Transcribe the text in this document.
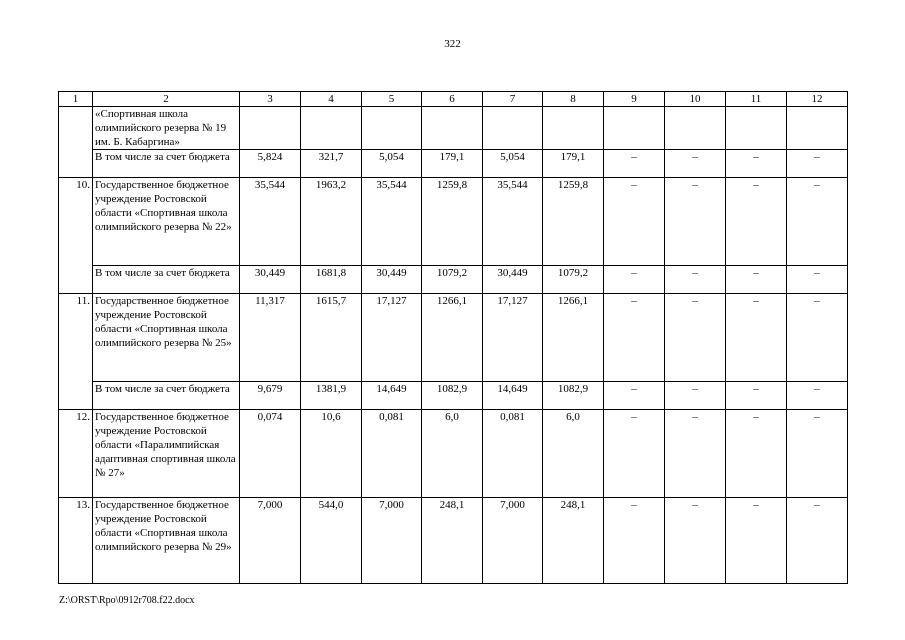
322
1	2	3	4	5	6	7	8	9	10	11	12
	«Спортивная школа олимпийского резерва № 19 им. Б. Кабаргина»										
	В том числе за счет бюджета	5,824	321,7	5,054	179,1	5,054	179,1	–	–	–	–
10.	Государственное бюджетное учреждение Ростовской области «Спортивная школа олимпийского резерва № 22»	35,544	1963,2	35,544	1259,8	35,544	1259,8	–	–	–	–
	В том числе за счет бюджета	30,449	1681,8	30,449	1079,2	30,449	1079,2	–	–	–	–
11.	Государственное бюджетное учреждение Ростовской области «Спортивная школа олимпийского резерва № 25»	11,317	1615,7	17,127	1266,1	17,127	1266,1	–	–	–	–
	В том числе за счет бюджета	9,679	1381,9	14,649	1082,9	14,649	1082,9	–	–	–	–
12.	Государственное бюджетное учреждение Ростовской области «Паралимпийская адаптивная спортивная школа № 27»	0,074	10,6	0,081	6,0	0,081	6,0	–	–	–	–
13.	Государственное бюджетное учреждение Ростовской области «Спортивная школа олимпийского резерва № 29»	7,000	544,0	7,000	248,1	7,000	248,1	–	–	–	–
Z:\ORST\Rpo\0912r708.f22.docx
